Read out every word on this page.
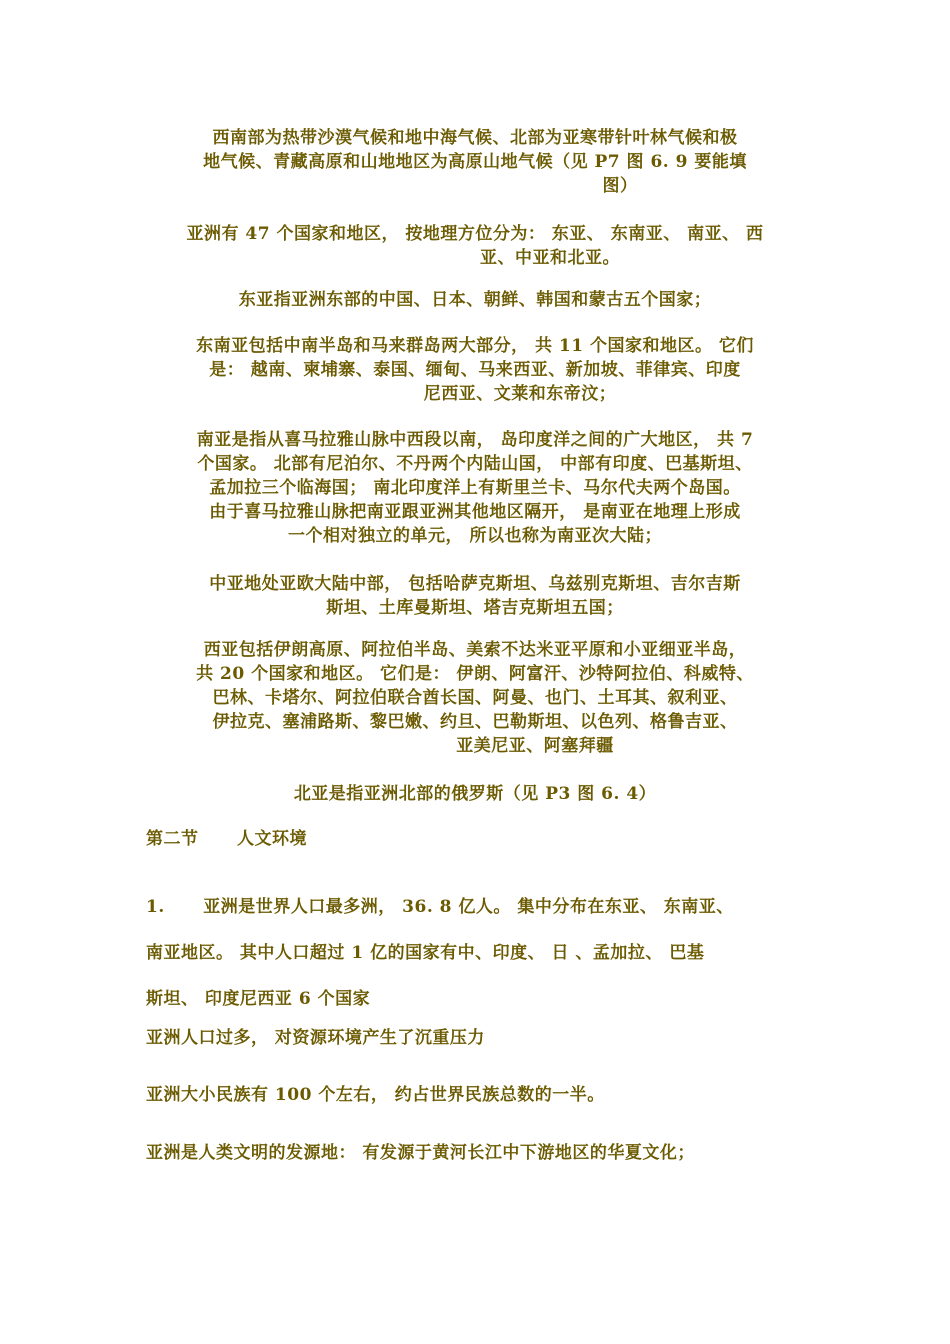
西南部为热带沙漠气候和地中海气候、北部为亚寒带针叶林气候和极
地气候、青藏高原和山地地区为高原山地气候（见 P7 图 6. 9 要能填
图）
亚洲有 47 个国家和地区， 按地理方位分为： 东亚、 东南亚、 南亚、 西
亚、中亚和北亚。
东亚指亚洲东部的中国、日本、朝鲜、韩国和蒙古五个国家；
东南亚包括中南半岛和马来群岛两大部分， 共 11 个国家和地区。 它们
是： 越南、柬埔寨、泰国、缅甸、马来西亚、新加坡、菲律宾、印度
尼西亚、文莱和东帝汶；
南亚是指从喜马拉雅山脉中西段以南， 岛印度洋之间的广大地区， 共 7
个国家。 北部有尼泊尔、不丹两个内陆山国， 中部有印度、巴基斯坦、
孟加拉三个临海国； 南北印度洋上有斯里兰卡、马尔代夫两个岛国。
由于喜马拉雅山脉把南亚跟亚洲其他地区隔开， 是南亚在地理上形成
一个相对独立的单元， 所以也称为南亚次大陆；
中亚地处亚欧大陆中部， 包括哈萨克斯坦、乌兹别克斯坦、吉尔吉斯
斯坦、土库曼斯坦、塔吉克斯坦五国；
西亚包括伊朗高原、阿拉伯半岛、美索不达米亚平原和小亚细亚半岛，
共 20 个国家和地区。 它们是： 伊朗、阿富汗、沙特阿拉伯、科威特、
巴林、卡塔尔、阿拉伯联合酋长国、阿曼、也门、土耳其、叙利亚、
伊拉克、塞浦路斯、黎巴嫩、约旦、巴勒斯坦、以色列、格鲁吉亚、
亚美尼亚、阿塞拜疆
北亚是指亚洲北部的俄罗斯（见 P3 图 6. 4）
第二节      人文环境
1.      亚洲是世界人口最多洲， 36. 8 亿人。 集中分布在东亚、 东南亚、
南亚地区。 其中人口超过 1 亿的国家有中、印度、 日 、孟加拉、 巴基
斯坦、 印度尼西亚 6 个国家
亚洲人口过多， 对资源环境产生了沉重压力
亚洲大小民族有 100 个左右， 约占世界民族总数的一半。
亚洲是人类文明的发源地： 有发源于黄河长江中下游地区的华夏文化；
